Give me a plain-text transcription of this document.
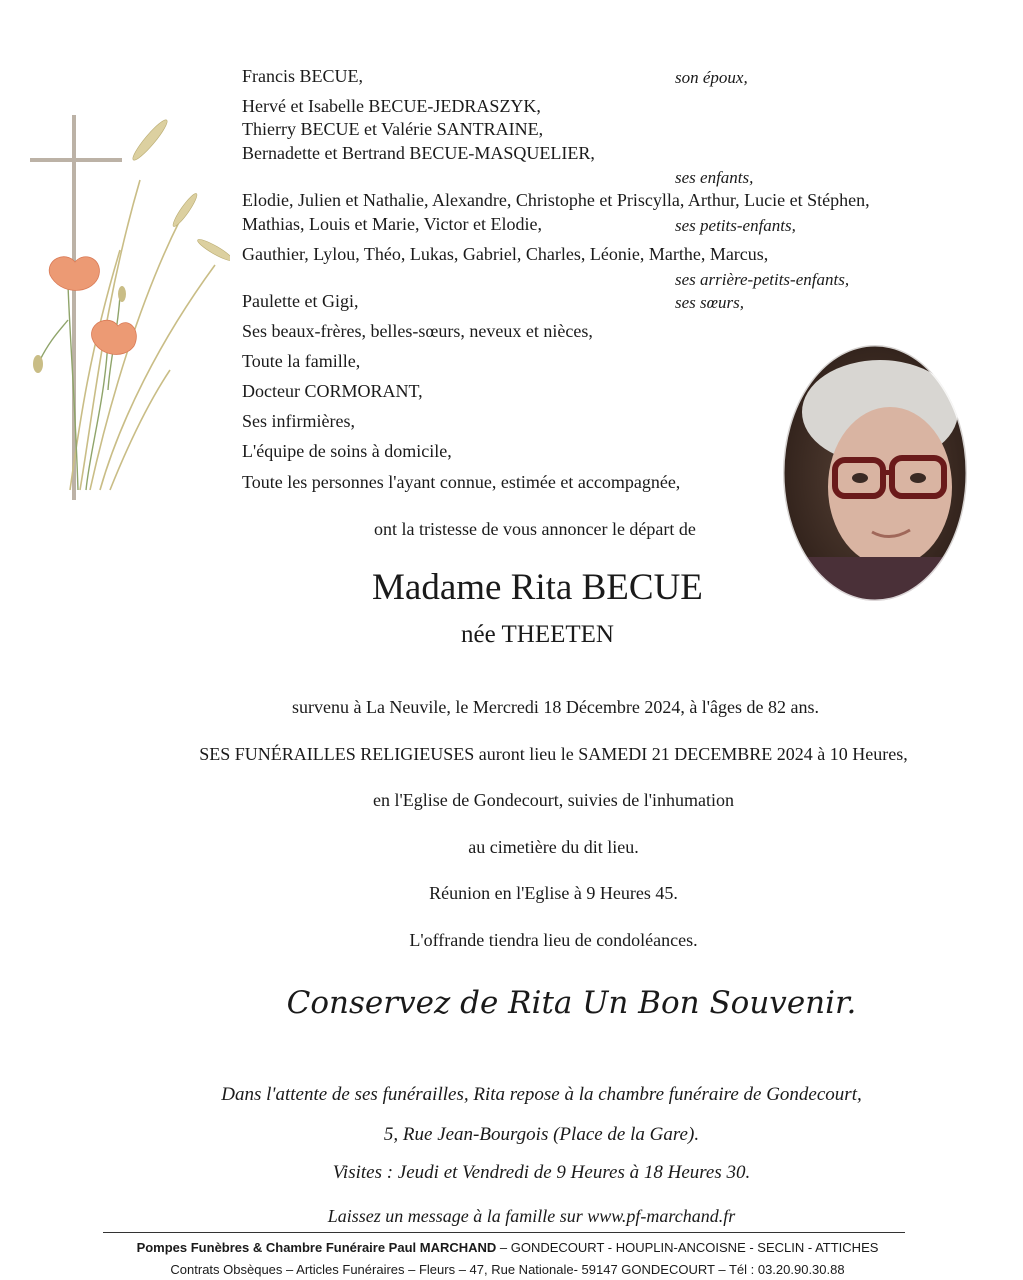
Francis BECUE,	son époux,
Hervé et Isabelle BECUE-JEDRASZYK,
Thierry BECUE et Valérie SANTRAINE,
Bernadette et Bertrand BECUE-MASQUELIER,
ses enfants,
Elodie, Julien et Nathalie, Alexandre, Christophe et Priscylla, Arthur, Lucie et Stéphen,
Mathias, Louis et Marie, Victor et Elodie,	ses petits-enfants,
Gauthier, Lylou, Théo, Lukas, Gabriel, Charles, Léonie, Marthe, Marcus,
ses arrière-petits-enfants,
Paulette et Gigi,	ses sœurs,
Ses beaux-frères, belles-sœurs, neveux et nièces,
Toute la famille,
Docteur CORMORANT,
Ses infirmières,
L'équipe de soins à domicile,
Toute les personnes l'ayant connue, estimée et accompagnée,
ont la tristesse de vous annoncer le départ de
Madame Rita BECUE
née THEETEN
survenu à La Neuvile, le Mercredi 18 Décembre 2024, à l'âges de 82 ans.
SES FUNÉRAILLES RELIGIEUSES auront lieu le SAMEDI 21 DECEMBRE 2024 à 10 Heures,
en l'Eglise de Gondecourt, suivies de l'inhumation
au cimetière du dit lieu.
Réunion en l'Eglise à 9 Heures 45.
L'offrande tiendra lieu de condoléances.
Conservez de Rita Un Bon Souvenir.
Dans l'attente de ses funérailles, Rita repose à la chambre funéraire de Gondecourt,
5, Rue Jean-Bourgois (Place de la Gare).
Visites : Jeudi et Vendredi de 9 Heures à 18 Heures 30.
Laissez un message à la famille sur www.pf-marchand.fr
Pompes Funèbres & Chambre Funéraire Paul MARCHAND – GONDECOURT - HOUPLIN-ANCOISNE - SECLIN - ATTICHES
Contrats Obsèques – Articles Funéraires – Fleurs – 47, Rue Nationale- 59147 GONDECOURT – Tél : 03.20.90.30.88
